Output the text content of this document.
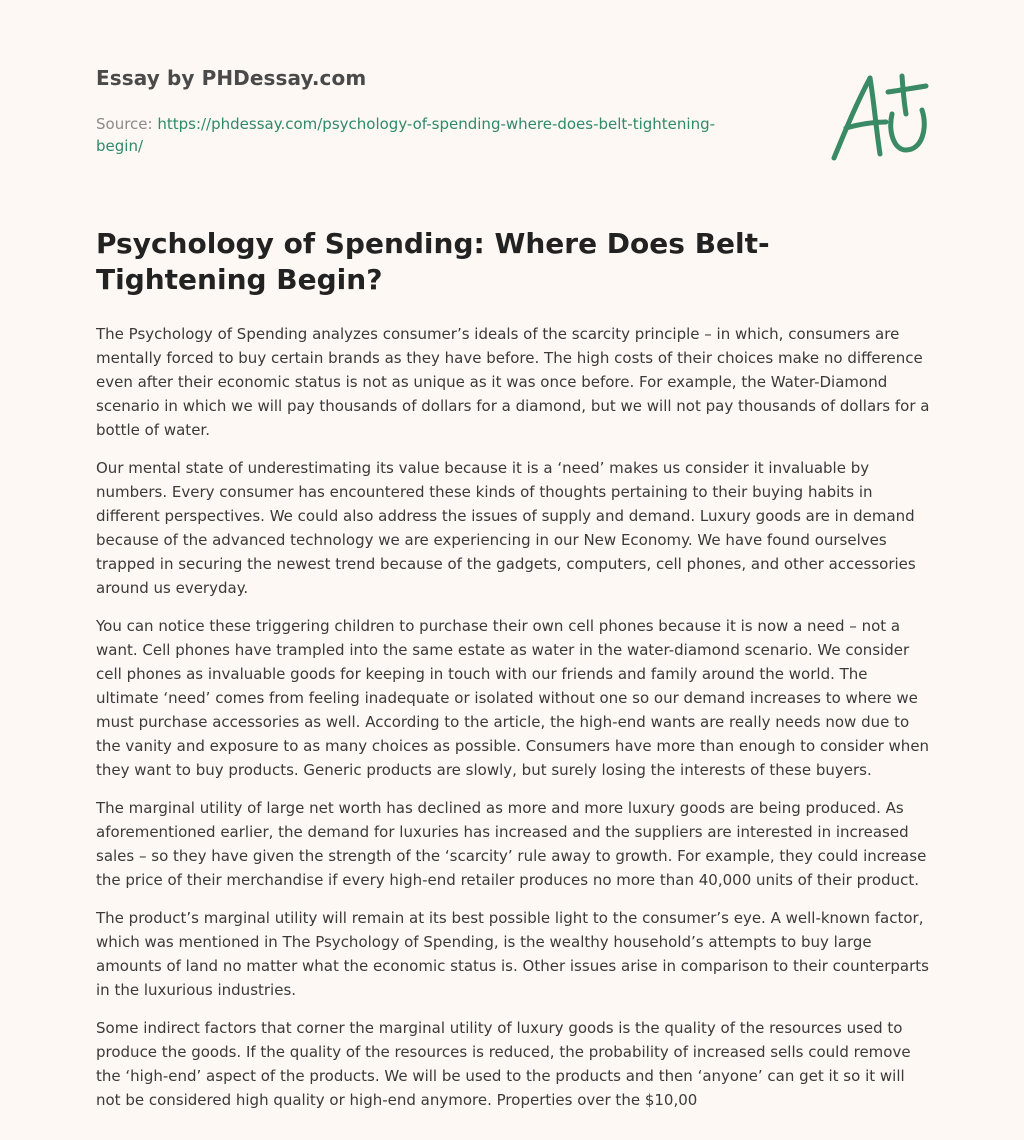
Essay by PHDessay.com
Source: https://phdessay.com/psychology-of-spending-where-does-belt-tightening-begin/
Psychology of Spending: Where Does Belt-Tightening Begin?

The Psychology of Spending analyzes consumer’s ideals of the scarcity principle – in which, consumers are mentally forced to buy certain brands as they have before. The high costs of their choices make no difference even after their economic status is not as unique as it was once before. For example, the Water-Diamond scenario in which we will pay thousands of dollars for a diamond, but we will not pay thousands of dollars for a bottle of water.

Our mental state of underestimating its value because it is a ‘need’ makes us consider it invaluable by numbers. Every consumer has encountered these kinds of thoughts pertaining to their buying habits in different perspectives. We could also address the issues of supply and demand. Luxury goods are in demand because of the advanced technology we are experiencing in our New Economy. We have found ourselves trapped in securing the newest trend because of the gadgets, computers, cell phones, and other accessories around us everyday.

You can notice these triggering children to purchase their own cell phones because it is now a need – not a want. Cell phones have trampled into the same estate as water in the water-diamond scenario. We consider cell phones as invaluable goods for keeping in touch with our friends and family around the world. The ultimate ‘need’ comes from feeling inadequate or isolated without one so our demand increases to where we must purchase accessories as well. According to the article, the high-end wants are really needs now due to the vanity and exposure to as many choices as possible. Consumers have more than enough to consider when they want to buy products. Generic products are slowly, but surely losing the interests of these buyers.

The marginal utility of large net worth has declined as more and more luxury goods are being produced. As aforementioned earlier, the demand for luxuries has increased and the suppliers are interested in increased sales – so they have given the strength of the ‘scarcity’ rule away to growth. For example, they could increase the price of their merchandise if every high-end retailer produces no more than 40,000 units of their product.

The product’s marginal utility will remain at its best possible light to the consumer’s eye. A well-known factor, which was mentioned in The Psychology of Spending, is the wealthy household’s attempts to buy large amounts of land no matter what the economic status is. Other issues arise in comparison to their counterparts in the luxurious industries.

Some indirect factors that corner the marginal utility of luxury goods is the quality of the resources used to produce the goods. If the quality of the resources is reduced, the probability of increased sells could remove the ‘high-end’ aspect of the products. We will be used to the products and then ‘anyone’ can get it so it will not be considered high quality or high-end anymore. Properties over the $10,00
